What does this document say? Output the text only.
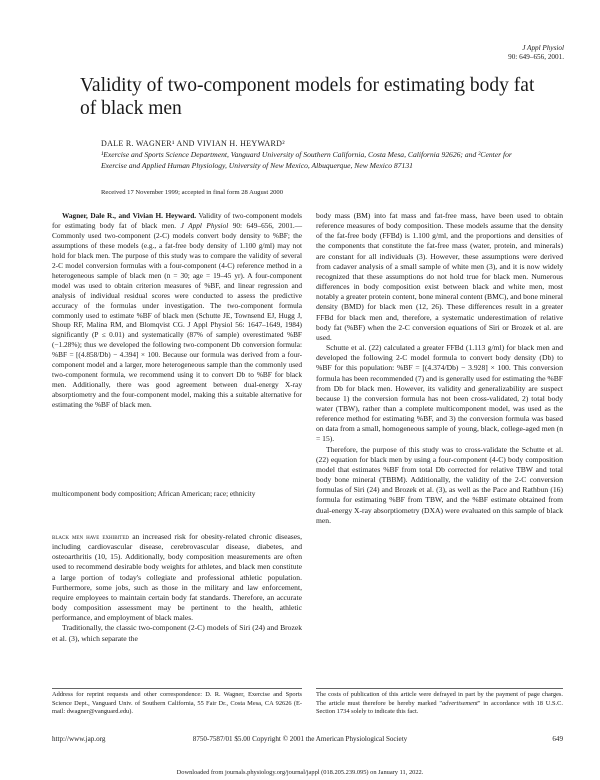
J Appl Physiol
90: 649–656, 2001.
Validity of two-component models for estimating body fat of black men
DALE R. WAGNER¹ AND VIVIAN H. HEYWARD²
¹Exercise and Sports Science Department, Vanguard University of Southern California, Costa Mesa, California 92626; and ²Center for Exercise and Applied Human Physiology, University of New Mexico, Albuquerque, New Mexico 87131
Received 17 November 1999; accepted in final form 28 August 2000

Wagner, Dale R., and Vivian H. Heyward. Validity of two-component models for estimating body fat of black men. J Appl Physiol 90: 649–656, 2001.— Commonly used two-component (2-C) models convert body density to %BF; the assumptions of these models (e.g., a fat-free body density of 1.100 g/ml) may not hold for black men. The purpose of this study was to compare the validity of several 2-C model conversion formulas with a four-component (4-C) reference method in a heterogeneous sample of black men (n = 30; age = 19–45 yr). A four-component model was used to obtain criterion measures of %BF, and linear regression and analysis of individual residual scores were conducted to assess the predictive accuracy of the formulas under investigation. The two-component formula commonly used to estimate %BF of black men (Schutte JE, Townsend EJ, Hugg J, Shoup RF, Malina RM, and Blomqvist CG. J Appl Physiol 56: 1647–1649, 1984) significantly (P ≤ 0.01) and systematically (87% of sample) overestimated %BF (−1.28%); thus we developed the following two-component Db conversion formula: %BF = [(4.858/Db) − 4.394] × 100. Because our formula was derived from a four-component model and a larger, more heterogeneous sample than the commonly used two-component formula, we recommend using it to convert Db to %BF for black men. Additionally, there was good agreement between dual-energy X-ray absorptiometry and the four-component model, making this a suitable alternative for estimating the %BF of black men.

multicomponent body composition; African American; race; ethnicity

black men have exhibited an increased risk for obesity-related chronic diseases, including cardiovascular disease, cerebrovascular disease, diabetes, and osteoarthritis (10, 15). Additionally, body composition measurements are often used to recommend desirable body weights for athletes, and black men constitute a large portion of today's collegiate and professional athletic population. Furthermore, some jobs, such as those in the military and law enforcement, require employees to maintain certain body fat standards. Therefore, an accurate body composition assessment may be pertinent to the health, athletic performance, and employment of black males.

Traditionally, the classic two-component (2-C) models of Siri (24) and Brozek et al. (3), which separate the

body mass (BM) into fat mass and fat-free mass, have been used to obtain reference measures of body composition. These models assume that the density of the fat-free body (FFBd) is 1.100 g/ml, and the proportions and densities of the components that constitute the fat-free mass (water, protein, and minerals) are constant for all individuals (3). However, these assumptions were derived from cadaver analysis of a small sample of white men (3), and it is now widely recognized that these assumptions do not hold true for black men. Numerous differences in body composition exist between black and white men, most notably a greater protein content, bone mineral content (BMC), and bone mineral density (BMD) for black men (12, 26). These differences result in a greater FFBd for black men and, therefore, a systematic underestimation of relative body fat (%BF) when the 2-C conversion equations of Siri or Brozek et al. are used.

Schutte et al. (22) calculated a greater FFBd (1.113 g/ml) for black men and developed the following 2-C model formula to convert body density (Db) to %BF for this population: %BF = [(4.374/Db) − 3.928] × 100. This conversion formula has been recommended (7) and is generally used for estimating the %BF from Db for black men. However, its validity and generalizability are suspect because 1) the conversion formula has not been cross-validated, 2) total body water (TBW), rather than a complete multicomponent model, was used as the reference method for estimating %BF, and 3) the conversion formula was based on data from a small, homogeneous sample of young, black, college-aged men (n = 15).

Therefore, the purpose of this study was to cross-validate the Schutte et al. (22) equation for black men by using a four-component (4-C) body composition model that estimates %BF from total Db corrected for relative TBW and total body bone mineral (TBBM). Additionally, the validity of the 2-C conversion formulas of Siri (24) and Brozek et al. (3), as well as the Pace and Rathbun (16) formula for estimating %BF from TBW, and the %BF estimate obtained from dual-energy X-ray absorptiometry (DXA) were evaluated on this sample of black men.

Address for reprint requests and other correspondence: D. R. Wagner, Exercise and Sports Science Dept., Vanguard Univ. of Southern California, 55 Fair Dr., Costa Mesa, CA 92626 (E-mail: dwagner@vanguard.edu).
The costs of publication of this article were defrayed in part by the payment of page charges. The article must therefore be hereby marked "advertisement" in accordance with 18 U.S.C. Section 1734 solely to indicate this fact.
http://www.jap.org	8750-7587/01 $5.00 Copyright © 2001 the American Physiological Society	649
Downloaded from journals.physiology.org/journal/jappl (018.205.239.095) on January 11, 2022.
